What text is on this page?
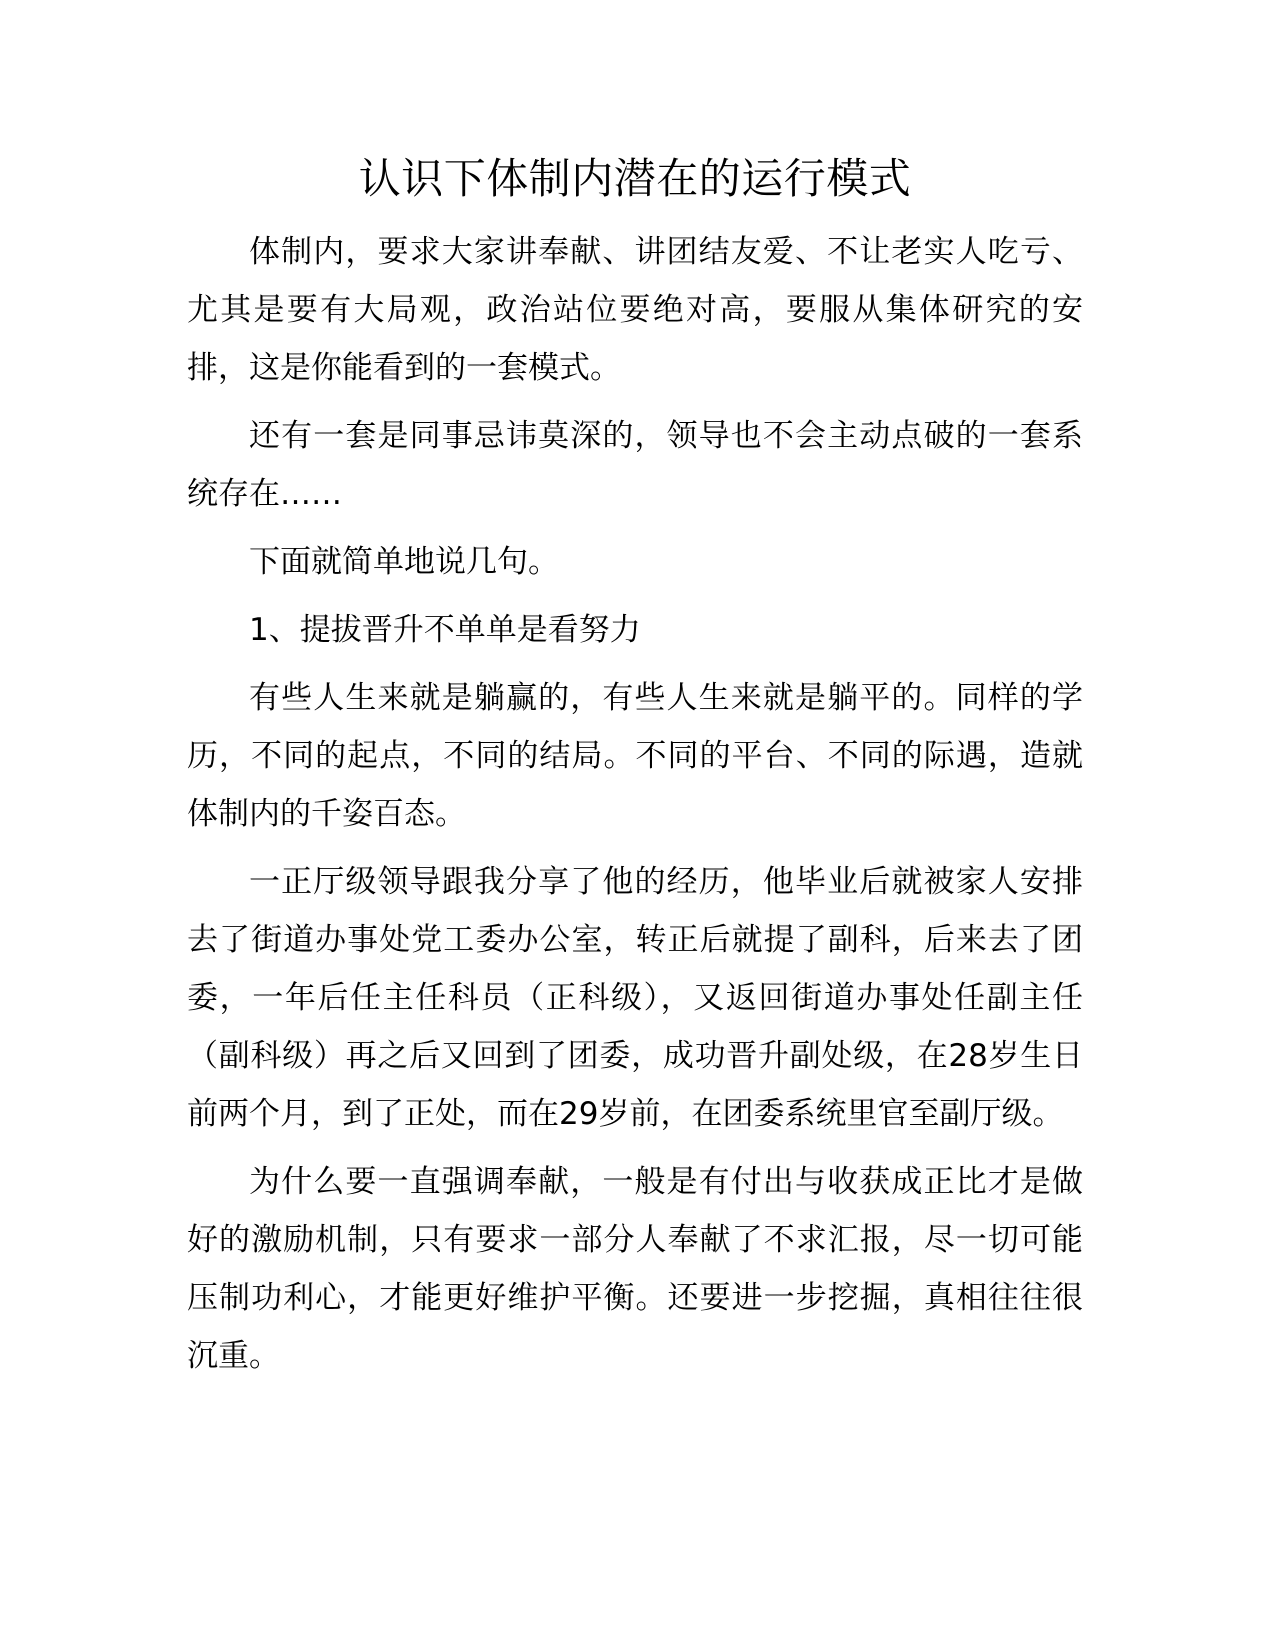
认识下体制内潜在的运行模式

体制内，要求大家讲奉献、讲团结友爱、不让老实人吃亏、尤其是要有大局观，政治站位要绝对高，要服从集体研究的安排，这是你能看到的一套模式。

还有一套是同事忌讳莫深的，领导也不会主动点破的一套系统存在……

下面就简单地说几句。

1、提拔晋升不单单是看努力

有些人生来就是躺赢的，有些人生来就是躺平的。同样的学历，不同的起点，不同的结局。不同的平台、不同的际遇，造就体制内的千姿百态。

一正厅级领导跟我分享了他的经历，他毕业后就被家人安排去了街道办事处党工委办公室，转正后就提了副科，后来去了团委，一年后任主任科员（正科级），又返回街道办事处任副主任（副科级）再之后又回到了团委，成功晋升副处级，在28岁生日前两个月，到了正处，而在29岁前，在团委系统里官至副厅级。

为什么要一直强调奉献，一般是有付出与收获成正比才是做好的激励机制，只有要求一部分人奉献了不求汇报，尽一切可能压制功利心，才能更好维护平衡。还要进一步挖掘，真相往往很沉重。
